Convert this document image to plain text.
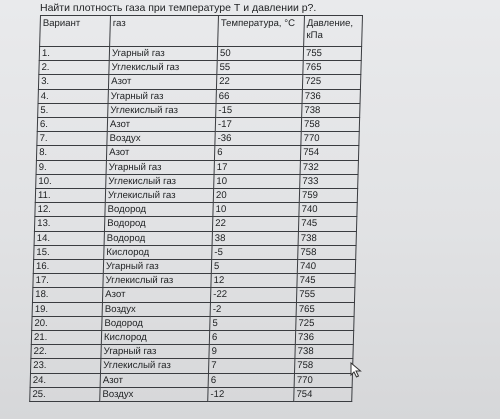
Найти плотность газа при температуре Т и давлении р?.
Вариант	газ	Температура, °С	Давление, кПа
1.	Угарный газ	50	755
2.	Углекислый газ	55	765
3.	Азот	22	725
4.	Угарный газ	66	736
5.	Углекислый газ	-15	738
6.	Азот	-17	758
7.	Воздух	-36	770
8.	Азот	6	754
9.	Угарный газ	17	732
10.	Углекислый газ	10	733
11.	Углекислый газ	20	759
12.	Водород	10	740
13.	Водород	22	745
14.	Водород	38	738
15.	Кислород	-5	758
16.	Угарный газ	5	740
17.	Углекислый газ	12	745
18.	Азот	-22	755
19.	Воздух	-2	765
20.	Водород	5	725
21.	Кислород	6	736
22.	Угарный газ	9	738
23.	Углекислый газ	7	758
24.	Азот	6	770
25.	Воздух	-12	754
